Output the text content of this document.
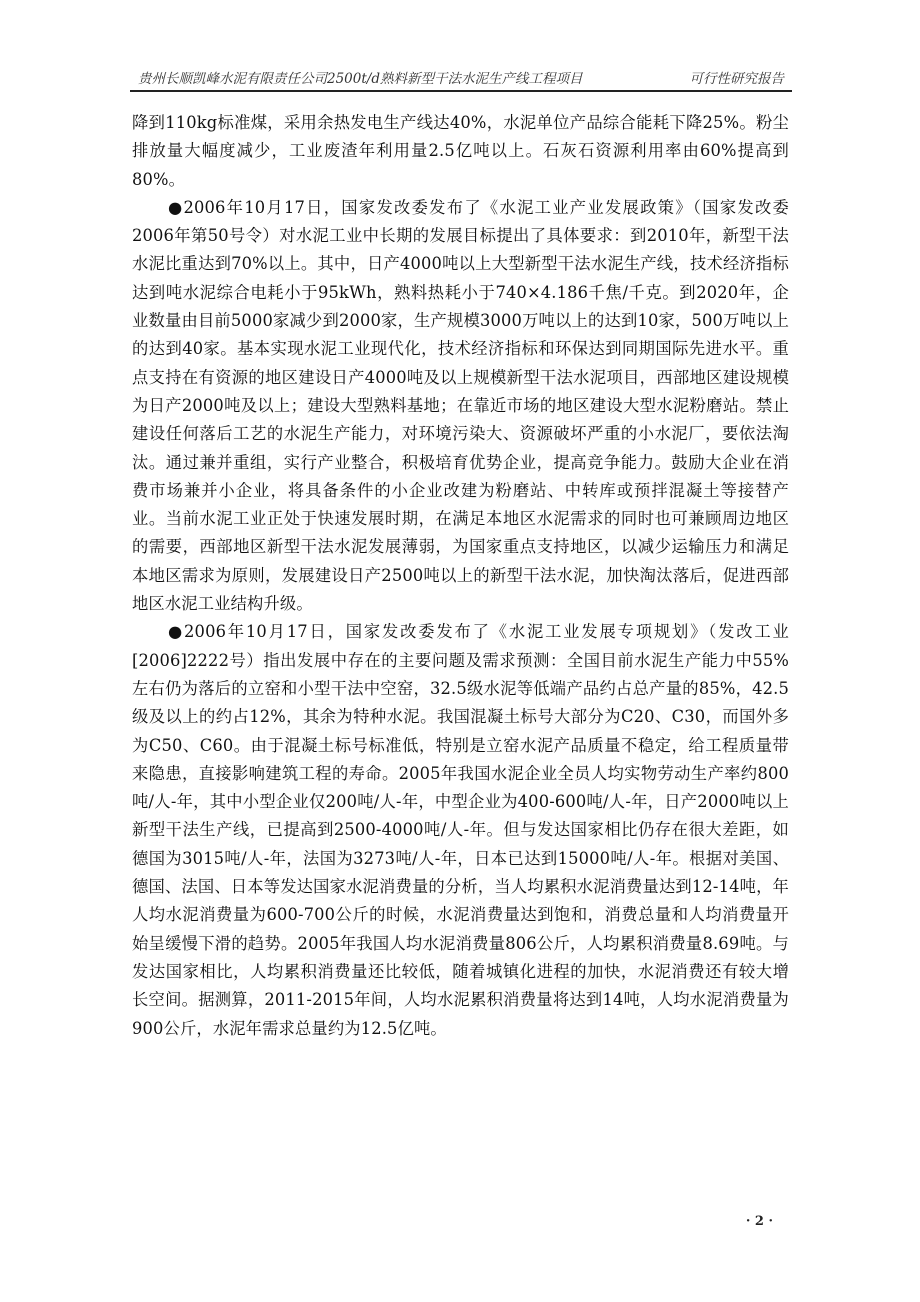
贵州长顺凯峰水泥有限责任公司2500t/d熟料新型干法水泥生产线工程项目	可行性研究报告

降到110kg标准煤，采用余热发电生产线达40%，水泥单位产品综合能耗下降25%。粉尘排放量大幅度减少，工业废渣年利用量2.5亿吨以上。石灰石资源利用率由60%提高到80%。

●2006年10月17日，国家发改委发布了《水泥工业产业发展政策》（国家发改委2006年第50号令）对水泥工业中长期的发展目标提出了具体要求：到2010年，新型干法水泥比重达到70%以上。其中，日产4000吨以上大型新型干法水泥生产线，技术经济指标达到吨水泥综合电耗小于95kWh，熟料热耗小于740×4.186千焦/千克。到2020年，企业数量由目前5000家减少到2000家，生产规模3000万吨以上的达到10家，500万吨以上的达到40家。基本实现水泥工业现代化，技术经济指标和环保达到同期国际先进水平。重点支持在有资源的地区建设日产4000吨及以上规模新型干法水泥项目，西部地区建设规模为日产2000吨及以上；建设大型熟料基地；在靠近市场的地区建设大型水泥粉磨站。禁止建设任何落后工艺的水泥生产能力，对环境污染大、资源破坏严重的小水泥厂，要依法淘汰。通过兼并重组，实行产业整合，积极培育优势企业，提高竞争能力。鼓励大企业在消费市场兼并小企业，将具备条件的小企业改建为粉磨站、中转库或预拌混凝土等接替产业。当前水泥工业正处于快速发展时期，在满足本地区水泥需求的同时也可兼顾周边地区的需要，西部地区新型干法水泥发展薄弱，为国家重点支持地区，以减少运输压力和满足本地区需求为原则，发展建设日产2500吨以上的新型干法水泥，加快淘汰落后，促进西部地区水泥工业结构升级。

●2006年10月17日，国家发改委发布了《水泥工业发展专项规划》（发改工业[2006]2222号）指出发展中存在的主要问题及需求预测：全国目前水泥生产能力中55%左右仍为落后的立窑和小型干法中空窑，32.5级水泥等低端产品约占总产量的85%，42.5级及以上的约占12%，其余为特种水泥。我国混凝土标号大部分为C20、C30，而国外多为C50、C60。由于混凝土标号标准低，特别是立窑水泥产品质量不稳定，给工程质量带来隐患，直接影响建筑工程的寿命。2005年我国水泥企业全员人均实物劳动生产率约800吨/人-年，其中小型企业仅200吨/人-年，中型企业为400-600吨/人-年，日产2000吨以上新型干法生产线，已提高到2500-4000吨/人-年。但与发达国家相比仍存在很大差距，如德国为3015吨/人-年，法国为3273吨/人-年，日本已达到15000吨/人-年。根据对美国、德国、法国、日本等发达国家水泥消费量的分析，当人均累积水泥消费量达到12-14吨，年人均水泥消费量为600-700公斤的时候，水泥消费量达到饱和，消费总量和人均消费量开始呈缓慢下滑的趋势。2005年我国人均水泥消费量806公斤，人均累积消费量8.69吨。与发达国家相比，人均累积消费量还比较低，随着城镇化进程的加快，水泥消费还有较大增长空间。据测算，2011-2015年间，人均水泥累积消费量将达到14吨，人均水泥消费量为900公斤，水泥年需求总量约为12.5亿吨。

· 2 ·
